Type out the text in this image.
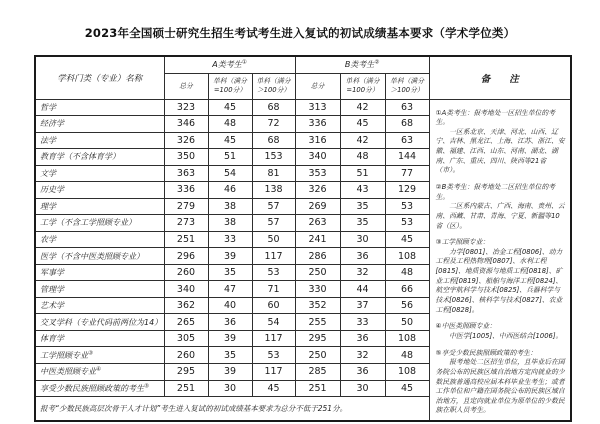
2023年全国硕士研究生招生考试考生进入复试的初试成绩基本要求（学术学位类）
学科门类（专业）名称	A类考生①			B类考生②			备　　注
	总分	单科（满分
=100分）	单科（满分
＞100分）	总分	单科（满分
=100分）	单科（满分
＞100分）	

哲学	323	45	68	313	42	63	①A类考生：报考地处一区招生单位的考生。

一区系北京、天津、河北、山西、辽宁、吉林、黑龙江、上海、江苏、浙江、安徽、福建、江西、山东、河南、湖北、湖南、广东、重庆、四川、陕西等21省（市）。

②B类考生：报考地处二区招生单位的考生。

二区系内蒙古、广西、海南、贵州、云南、西藏、甘肃、青海、宁夏、新疆等10省（区）。

③工学照顾专业：

力学[0801]、冶金工程[0806]、动力工程及工程热物理[0807]、水利工程[0815]、地质资源与地质工程[0818]、矿业工程[0819]、船舶与海洋工程[0824]、航空宇航科学与技术[0825]、兵器科学与技术[0826]、核科学与技术[0827]、农业工程[0828]。

④中医类照顾专业：

中医学[1005]、中西医结合[1006]。

⑤享受少数民族照顾政策的考生：

报考地处二区招生单位，且毕业后在国务院公布的民族区域自治地方定向就业的少数民族普通高校应届本科毕业生考生；或者工作单位和户籍在国务院公布的民族区域自治地方，且定向就业单位为原单位的少数民族在职人员考生。

经济学	346	48	72	336	45	68	
法学	326	45	68	316	42	63	
教育学（不含体育学）	350	51	153	340	48	144	
文学	363	54	81	353	51	77	
历史学	336	46	138	326	43	129	
理学	279	38	57	269	35	53	
工学（不含工学照顾专业）	273	38	57	263	35	53	
农学	251	33	50	241	30	45	
医学（不含中医类照顾专业）	296	39	117	286	36	108	
军事学	260	35	53	250	32	48	
管理学	340	47	71	330	44	66	
艺术学	362	40	60	352	37	56	
交叉学科（专业代码前两位为14）	265	36	54	255	33	50	
体育学	305	39	117	295	36	108	
工学照顾专业③	260	35	53	250	32	48	
中医类照顾专业④	295	39	117	285	36	108	
享受少数民族照顾政策的考生⑤	251	30	45	251	30	45	
报考“少数民族高层次骨干人才计划”考生进入复试的初试成绩基本要求为总分不低于251分。							
